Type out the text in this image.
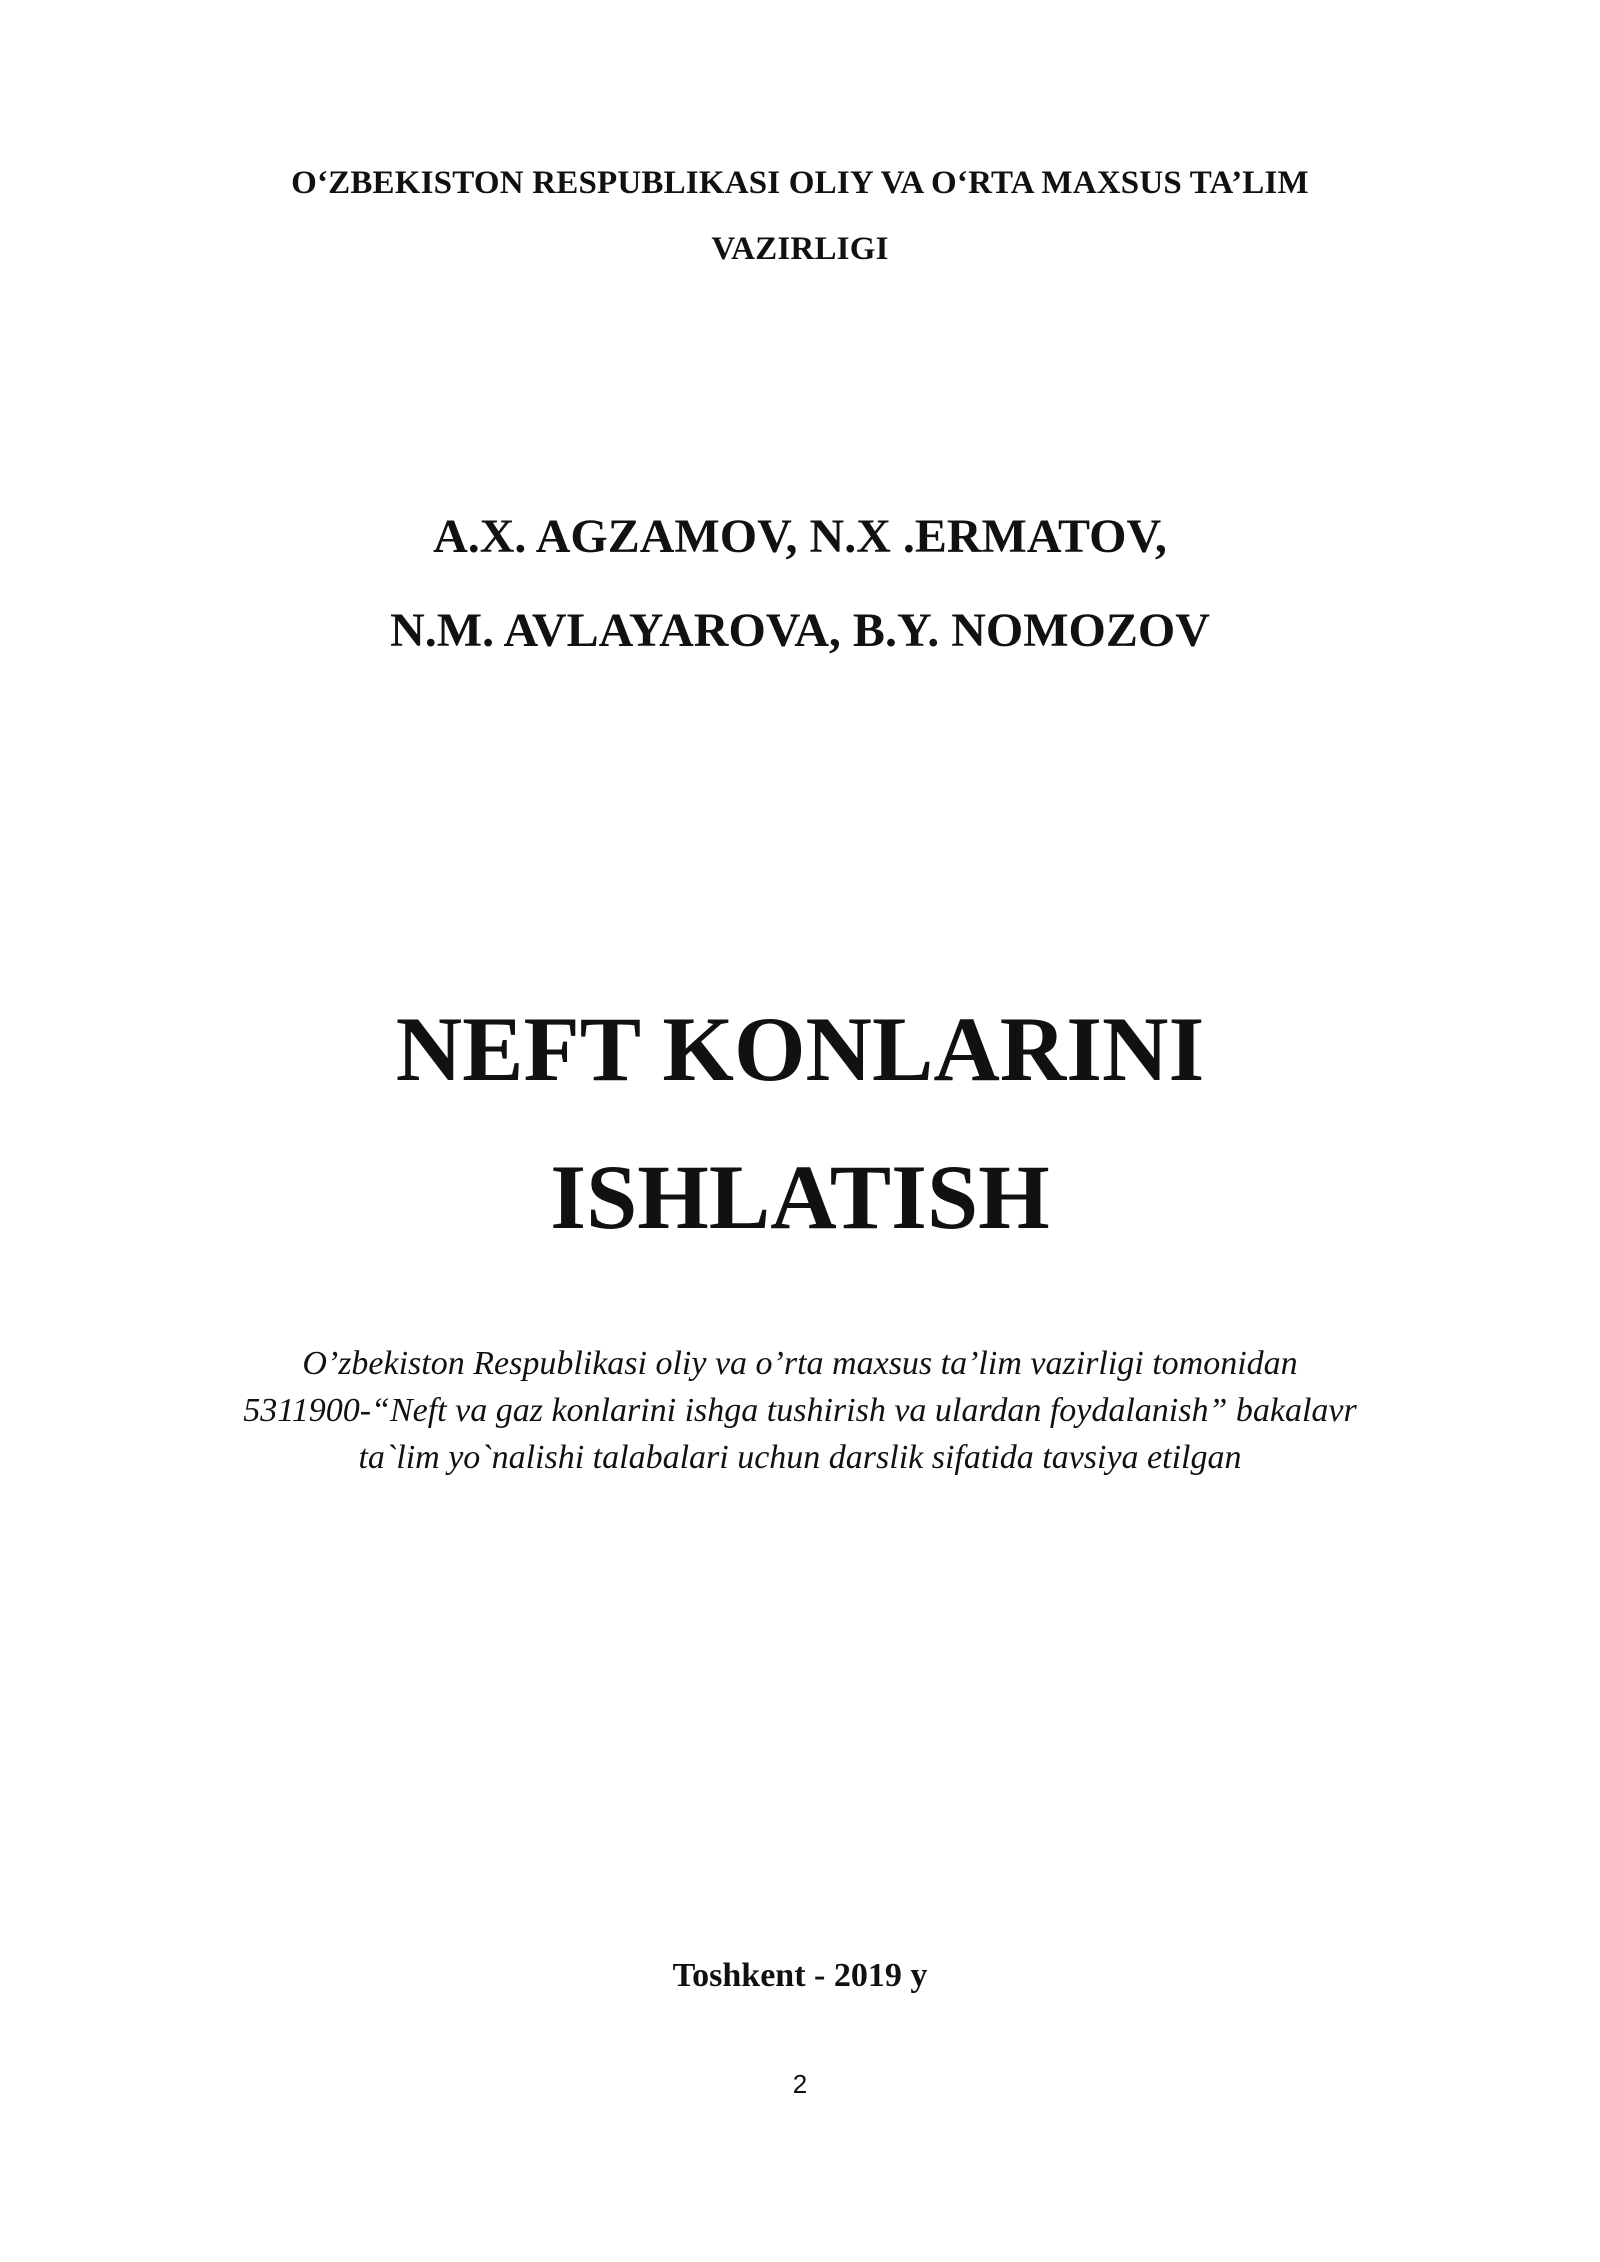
O‘ZBEKISTON RESPUBLIKASI OLIY VA O‘RTA MAXSUS TA’LIM
VAZIRLIGI
A.X. AGZAMOV, N.X .ERMATOV,
N.M. AVLAYAROVA, B.Y. NOMOZOV
NEFT KONLARINI
ISHLATISH
O’zbekiston Respublikasi oliy va o’rta maxsus ta’lim vazirligi tomonidan
5311900-“Neft va gaz konlarini ishga tushirish va ulardan foydalanish” bakalavr
ta`lim yo`nalishi talabalari uchun darslik sifatida tavsiya etilgan
Toshkent - 2019 y
2
